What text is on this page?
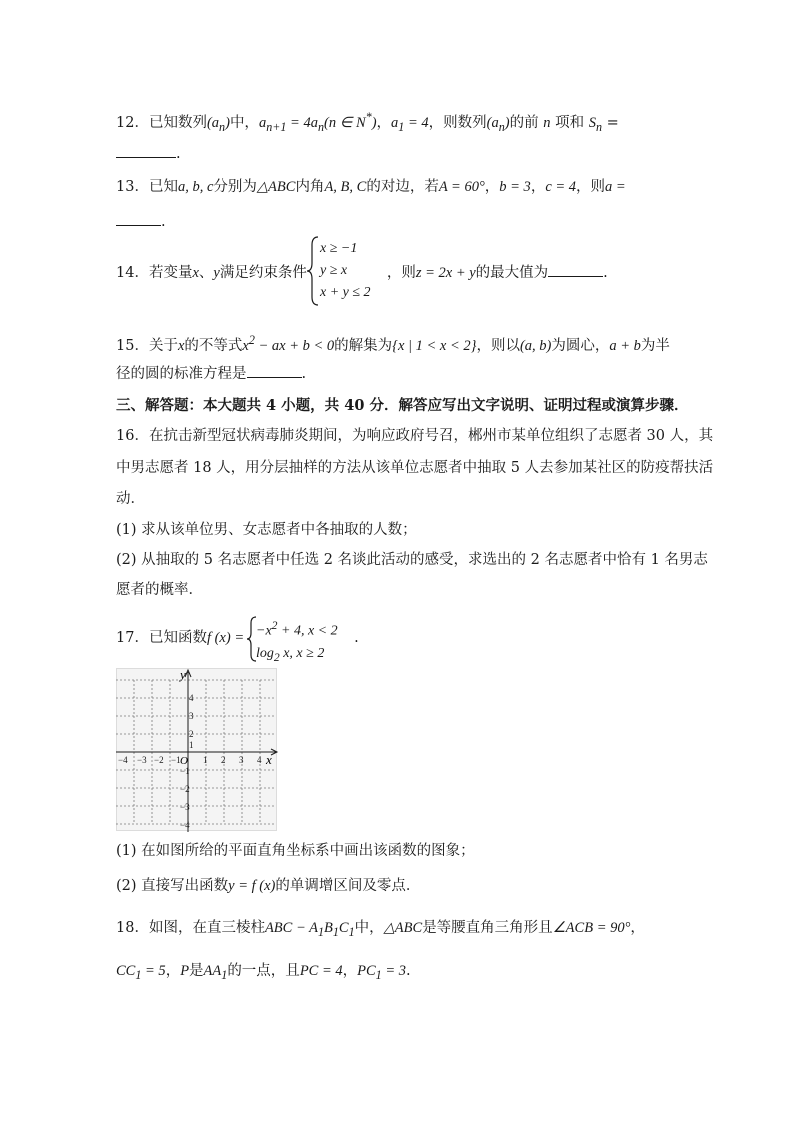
12．已知数列$(a_n)$中，$a_{n+1} = 4a_n(n$ ∈ N*)，$a_1 = 4$，则数列$(a_n)$的前 n 项和 $S_n$ =
.
13．已知a, b, c分别为△ABC内角A, B, C的对边，若A = 60°，b = 3，c = 4，则a =
.
14．若变量x、y满足约束条件	，则z = 2x + y的最大值为	.
x ≥ −1
y ≥ x
x + y ≤ 2
15．关于x的不等式$x^2$ − ax + b < 0的解集为{x | 1 < x < 2}，则以(a, b)为圆心，a + b为半
径的圆的标准方程是	.
三、解答题：本大题共 4 小题，共 40 分．解答应写出文字说明、证明过程或演算步骤．
16．在抗击新型冠状病毒肺炎期间，为响应政府号召，郴州市某单位组织了志愿者 30 人，其
中男志愿者 18 人，用分层抽样的方法从该单位志愿者中抽取 5 人去参加某社区的防疫帮扶活
动．
(1) 求从该单位男、女志愿者中各抽取的人数；
(2) 从抽取的 5 名志愿者中任选 2 名谈此活动的感受，求选出的 2 名志愿者中恰有 1 名男志
愿者的概率．
17．已知函数f (x) =	.
$-x^2 + 4$, x < 2
$\log_2 x$, x ≥ 2
x
y
O
−4 −3 −2 −1 1 2 3 4
4
3
2
1
−1
−2
−3
−4
(1) 在如图所给的平面直角坐标系中画出该函数的图象；
(2) 直接写出函数y = f (x)的单调增区间及零点．
18．如图，在直三棱柱ABC − $A_1B_1C_1$中，△ABC是等腰直角三角形且∠ACB = 90°，
$CC_1 = 5$，P是$AA_1$的一点，且PC = 4，$PC_1 = 3$.
